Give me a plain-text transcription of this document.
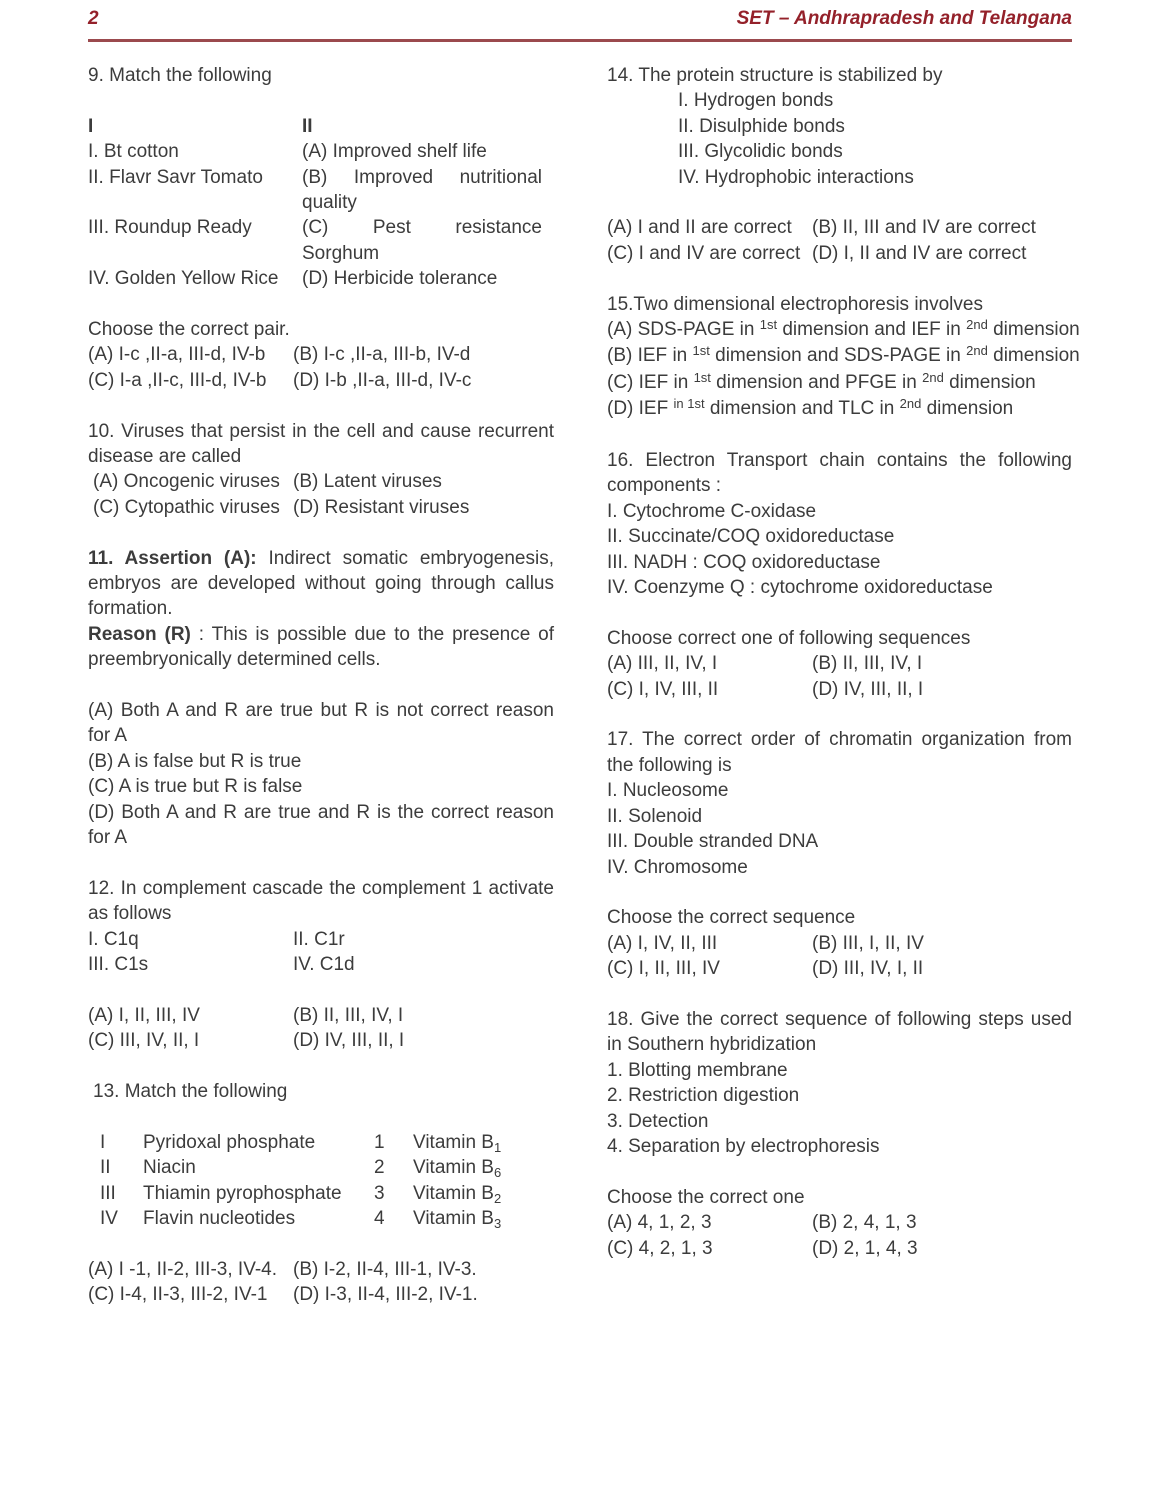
2	SET – Andhrapradesh and Telangana
9. Match the following
I	II
I. Bt cotton	(A) Improved shelf life
II. Flavr Savr Tomato (B) Improved nutritional
quality
III. Roundup Ready	(C) Pest resistance
Sorghum
IV. Golden Yellow Rice (D) Herbicide tolerance
Choose the correct pair.
(A) I-c ,II-a, III-d, IV-b (B) I-c ,II-a, III-b, IV-d
(C) I-a ,II-c, III-d, IV-b (D) I-b ,II-a, III-d, IV-c
10. Viruses that persist in the cell and cause recurrent
disease are called
(A) Oncogenic viruses (B) Latent viruses
(C) Cytopathic viruses (D) Resistant viruses
11. Assertion (A): Indirect somatic embryogenesis,
embryos are developed without going through callus
formation.
Reason (R) : This is possible due to the presence of
preembryonically determined cells.
(A) Both A and R are true but R is not correct reason
for A
(B) A is false but R is true
(C) A is true but R is false
(D) Both A and R are true and R is the correct reason
for A
12. In complement cascade the complement 1 activate
as follows
I. C1q	II. C1r
III. C1s	IV. C1d
(A) I, II, III, IV	(B) II, III, IV, I
(C) III, IV, II, I	(D) IV, III, II, I
13. Match the following
I Pyridoxal phosphate	1 Vitamin $B_1$
II Niacin	2 Vitamin $B_6$
III Thiamin pyrophosphate 3 Vitamin $B_2$
IV Flavin nucleotides	4 Vitamin $B_3$
(A) I -1, II-2, III-3, IV-4. (B) I-2, II-4, III-1, IV-3.
(C) I-4, II-3, III-2, IV-1 (D) I-3, II-4, III-2, IV-1.
14. The protein structure is stabilized by
I. Hydrogen bonds
II. Disulphide bonds
III. Glycolidic bonds
IV. Hydrophobic interactions
(A) I and II are correct (B) II, III and IV are correct
(C) I and IV are correct (D) I, II and IV are correct
15.Two dimensional electrophoresis involves
(A) SDS-PAGE in $^{1st}$ dimension and IEF in $^{2nd}$ dimension
(B) IEF in $^{1st}$ dimension and SDS-PAGE in $^{2nd}$ dimension
(C) IEF in $^{1st}$ dimension and PFGE in $^{2nd}$ dimension
(D) IEF $^{in 1st}$ dimension and TLC in $^{2nd}$ dimension
16. Electron Transport chain contains the following
components :
I. Cytochrome C-oxidase
II. Succinate/COQ oxidoreductase
III. NADH : COQ oxidoreductase
IV. Coenzyme Q : cytochrome oxidoreductase
Choose correct one of following sequences
(A) III, II, IV, I	(B) II, III, IV, I
(C) I, IV, III, II	(D) IV, III, II, I
17. The correct order of chromatin organization from
the following is
I. Nucleosome
II. Solenoid
III. Double stranded DNA
IV. Chromosome
Choose the correct sequence
(A) I, IV, II, III	(B) III, I, II, IV
(C) I, II, III, IV	(D) III, IV, I, II
18. Give the correct sequence of following steps used
in Southern hybridization
1. Blotting membrane
2. Restriction digestion
3. Detection
4. Separation by electrophoresis
Choose the correct one
(A) 4, 1, 2, 3	(B) 2, 4, 1, 3
(C) 4, 2, 1, 3	(D) 2, 1, 4, 3
